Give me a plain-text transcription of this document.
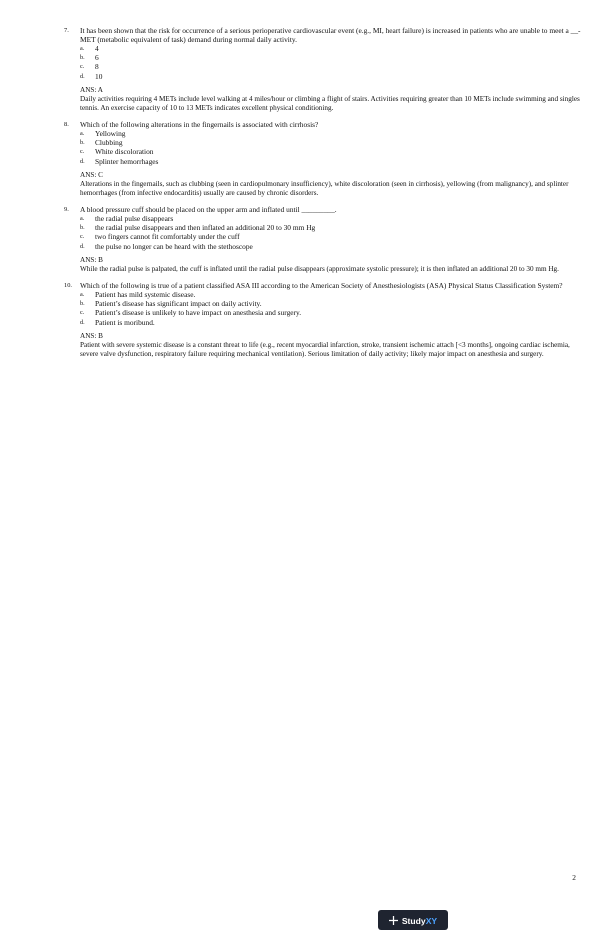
7.	It has been shown that the risk for occurrence of a serious perioperative cardiovascular event (e.g., MI, heart failure) is increased in patients who are unable to meet a __-MET (metabolic equivalent of task) demand during normal daily activity.
a.	4
b.	6
c.	8
d.	10
ANS: A
Daily activities requiring 4 METs include level walking at 4 miles/hour or climbing a flight of stairs. Activities requiring greater than 10 METs include swimming and singles tennis. An exercise capacity of 10 to 13 METs indicates excellent physical conditioning.
8.	Which of the following alterations in the fingernails is associated with cirrhosis?
a.	Yellowing
b.	Clubbing
c.	White discoloration
d.	Splinter hemorrhages
ANS: C
Alterations in the fingernails, such as clubbing (seen in cardiopulmonary insufficiency), white discoloration (seen in cirrhosis), yellowing (from malignancy), and splinter hemorrhages (from infective endocarditis) usually are caused by chronic disorders.
9.	A blood pressure cuff should be placed on the upper arm and inflated until _________.
a.	the radial pulse disappears
b.	the radial pulse disappears and then inflated an additional 20 to 30 mm Hg
c.	two fingers cannot fit comfortably under the cuff
d.	the pulse no longer can be heard with the stethoscope
ANS: B
While the radial pulse is palpated, the cuff is inflated until the radial pulse disappears (approximate systolic pressure); it is then inflated an additional 20 to 30 mm Hg.
10.	Which of the following is true of a patient classified ASA III according to the American Society of Anesthesiologists (ASA) Physical Status Classification System?
a.	Patient has mild systemic disease.
b.	Patient’s disease has significant impact on daily activity.
c.	Patient’s disease is unlikely to have impact on anesthesia and surgery.
d.	Patient is moribund.
ANS: B
Patient with severe systemic disease is a constant threat to life (e.g., recent myocardial infarction, stroke, transient ischemic attach [<3 months], ongoing cardiac ischemia, severe valve dysfunction, respiratory failure requiring mechanical ventilation). Serious limitation of daily activity; likely major impact on anesthesia and surgery.
2
StudyXY
